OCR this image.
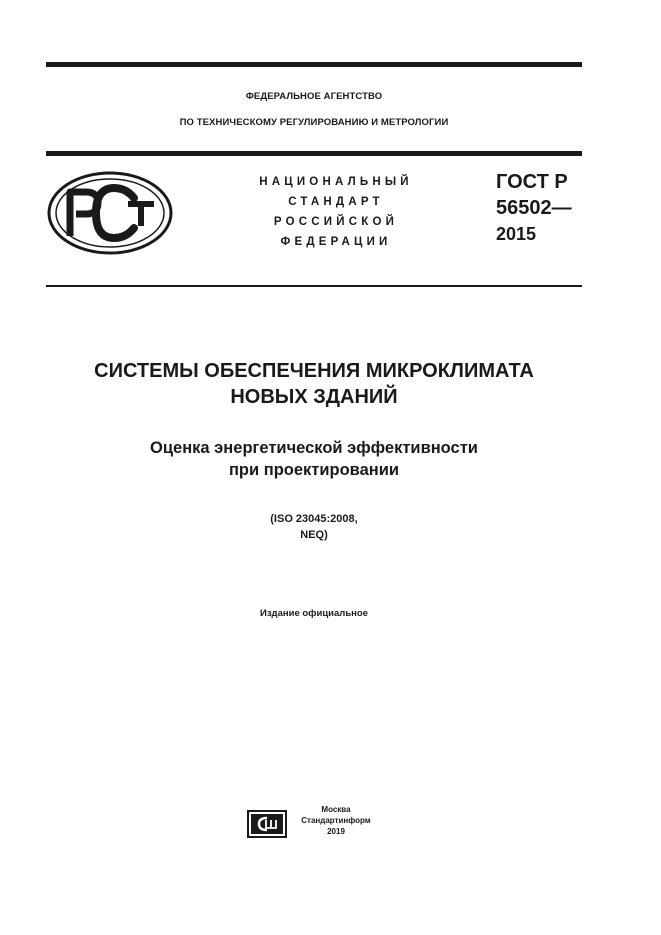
ФЕДЕРАЛЬНОЕ АГЕНТСТВО
ПО ТЕХНИЧЕСКОМУ РЕГУЛИРОВАНИЮ И МЕТРОЛОГИИ
НАЦИОНАЛЬНЫЙ
СТАНДАРТ
РОССИЙСКОЙ
ФЕДЕРАЦИИ
ГОСТ Р
56502—
2015
СИСТЕМЫ ОБЕСПЕЧЕНИЯ МИКРОКЛИМАТА
НОВЫХ ЗДАНИЙ
Оценка энергетической эффективности
при проектировании
(ISO 23045:2008,
NEQ)
Издание официальное
Москва
Стандартинформ
2019
